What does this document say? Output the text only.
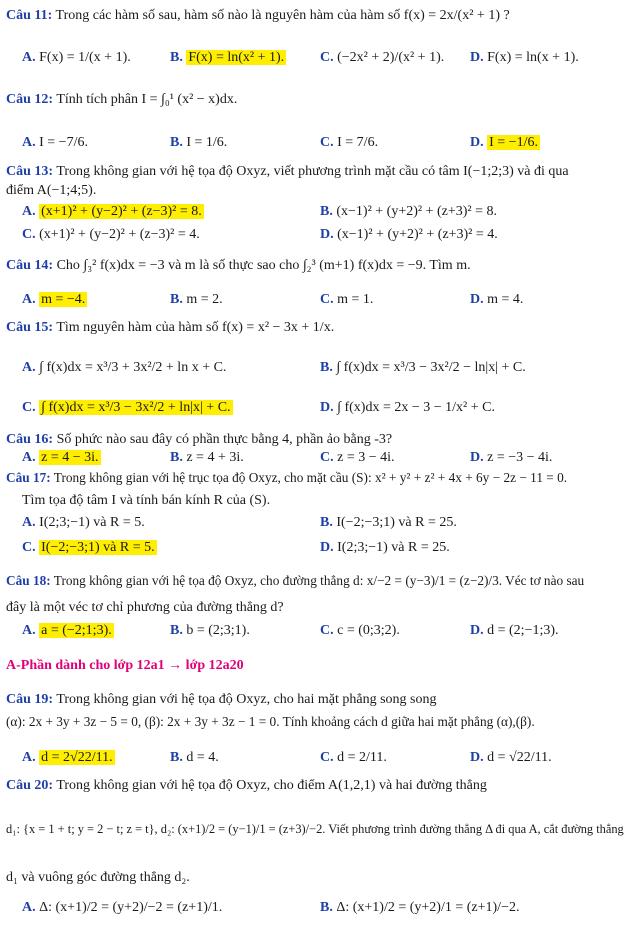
Câu 11: Trong các hàm số sau, hàm số nào là nguyên hàm của hàm số f(x) = 2x/(x² + 1) ?
A. F(x) = 1/(x + 1).	B. F(x) = ln(x² + 1).	C. (−2x² + 2)/(x² + 1). D. F(x) = ln(x + 1).
Câu 12: Tính tích phân I = ∫₀¹ (x² − x)dx.
A. I = −7/6.	B. I = 1/6.	C. I = 7/6.	D. I = −1/6.
Câu 13: Trong không gian với hệ tọa độ Oxyz, viết phương trình mặt cầu có tâm I(−1;2;3) và đi qua
điểm A(−1;4;5).
A. (x+1)² + (y−2)² + (z−3)² = 8.	B. (x−1)² + (y+2)² + (z+3)² = 8.
C. (x+1)² + (y−2)² + (z−3)² = 4.	D. (x−1)² + (y+2)² + (z+3)² = 4.
Câu 14: Cho ∫₃² f(x)dx = −3 và m là số thực sao cho ∫₂³ (m+1) f(x)dx = −9. Tìm m.
A. m = −4.	B. m = 2.	C. m = 1.	D. m = 4.
Câu 15: Tìm nguyên hàm của hàm số f(x) = x² − 3x + 1/x.
A. ∫ f(x)dx = x³/3 + 3x²/2 + ln x + C.	B. ∫ f(x)dx = x³/3 − 3x²/2 − ln|x| + C.
C. ∫ f(x)dx = x³/3 − 3x²/2 + ln|x| + C.	D. ∫ f(x)dx = 2x − 3 − 1/x² + C.
Câu 16: Số phức nào sau đây có phần thực bằng 4, phần ảo bằng -3?
A. z = 4 − 3i.	B. z = 4 + 3i.	C. z = 3 − 4i.	D. z = −3 − 4i.
Câu 17: Trong không gian với hệ trục tọa độ Oxyz, cho mặt cầu (S): x² + y² + z² + 4x + 6y − 2z − 11 = 0.
Tìm tọa độ tâm I và tính bán kính R của (S).
A. I(2;3;−1) và R = 5.	B. I(−2;−3;1) và R = 25.
C. I(−2;−3;1) và R = 5.	D. I(2;3;−1) và R = 25.
Câu 18: Trong không gian với hệ tọa độ Oxyz, cho đường thẳng d: x/−2 = (y−3)/1 = (z−2)/3. Véc tơ nào sau
đây là một véc tơ chỉ phương của đường thẳng d?
A. a = (−2;1;3).	B. b = (2;3;1).	C. c = (0;3;2).	D. d = (2;−1;3).
A-Phần dành cho lớp 12a1 → lớp 12a20
Câu 19: Trong không gian với hệ tọa độ Oxyz, cho hai mặt phẳng song song
(α): 2x + 3y + 3z − 5 = 0, (β): 2x + 3y + 3z − 1 = 0. Tính khoảng cách d giữa hai mặt phẳng (α),(β).
A. d = 2√22/11.	B. d = 4.	C. d = 2/11.	D. d = √22/11.
Câu 20: Trong không gian với hệ tọa độ Oxyz, cho điểm A(1,2,1) và hai đường thẳng
d₁: {x = 1 + t; y = 2 − t; z = t}, d₂: (x+1)/2 = (y−1)/1 = (z+3)/−2. Viết phương trình đường thẳng Δ đi qua A, cắt đường thẳng
d₁ và vuông góc đường thẳng d₂.
A. Δ: (x+1)/2 = (y+2)/−2 = (z+1)/1.	B. Δ: (x+1)/2 = (y+2)/1 = (z+1)/−2.
